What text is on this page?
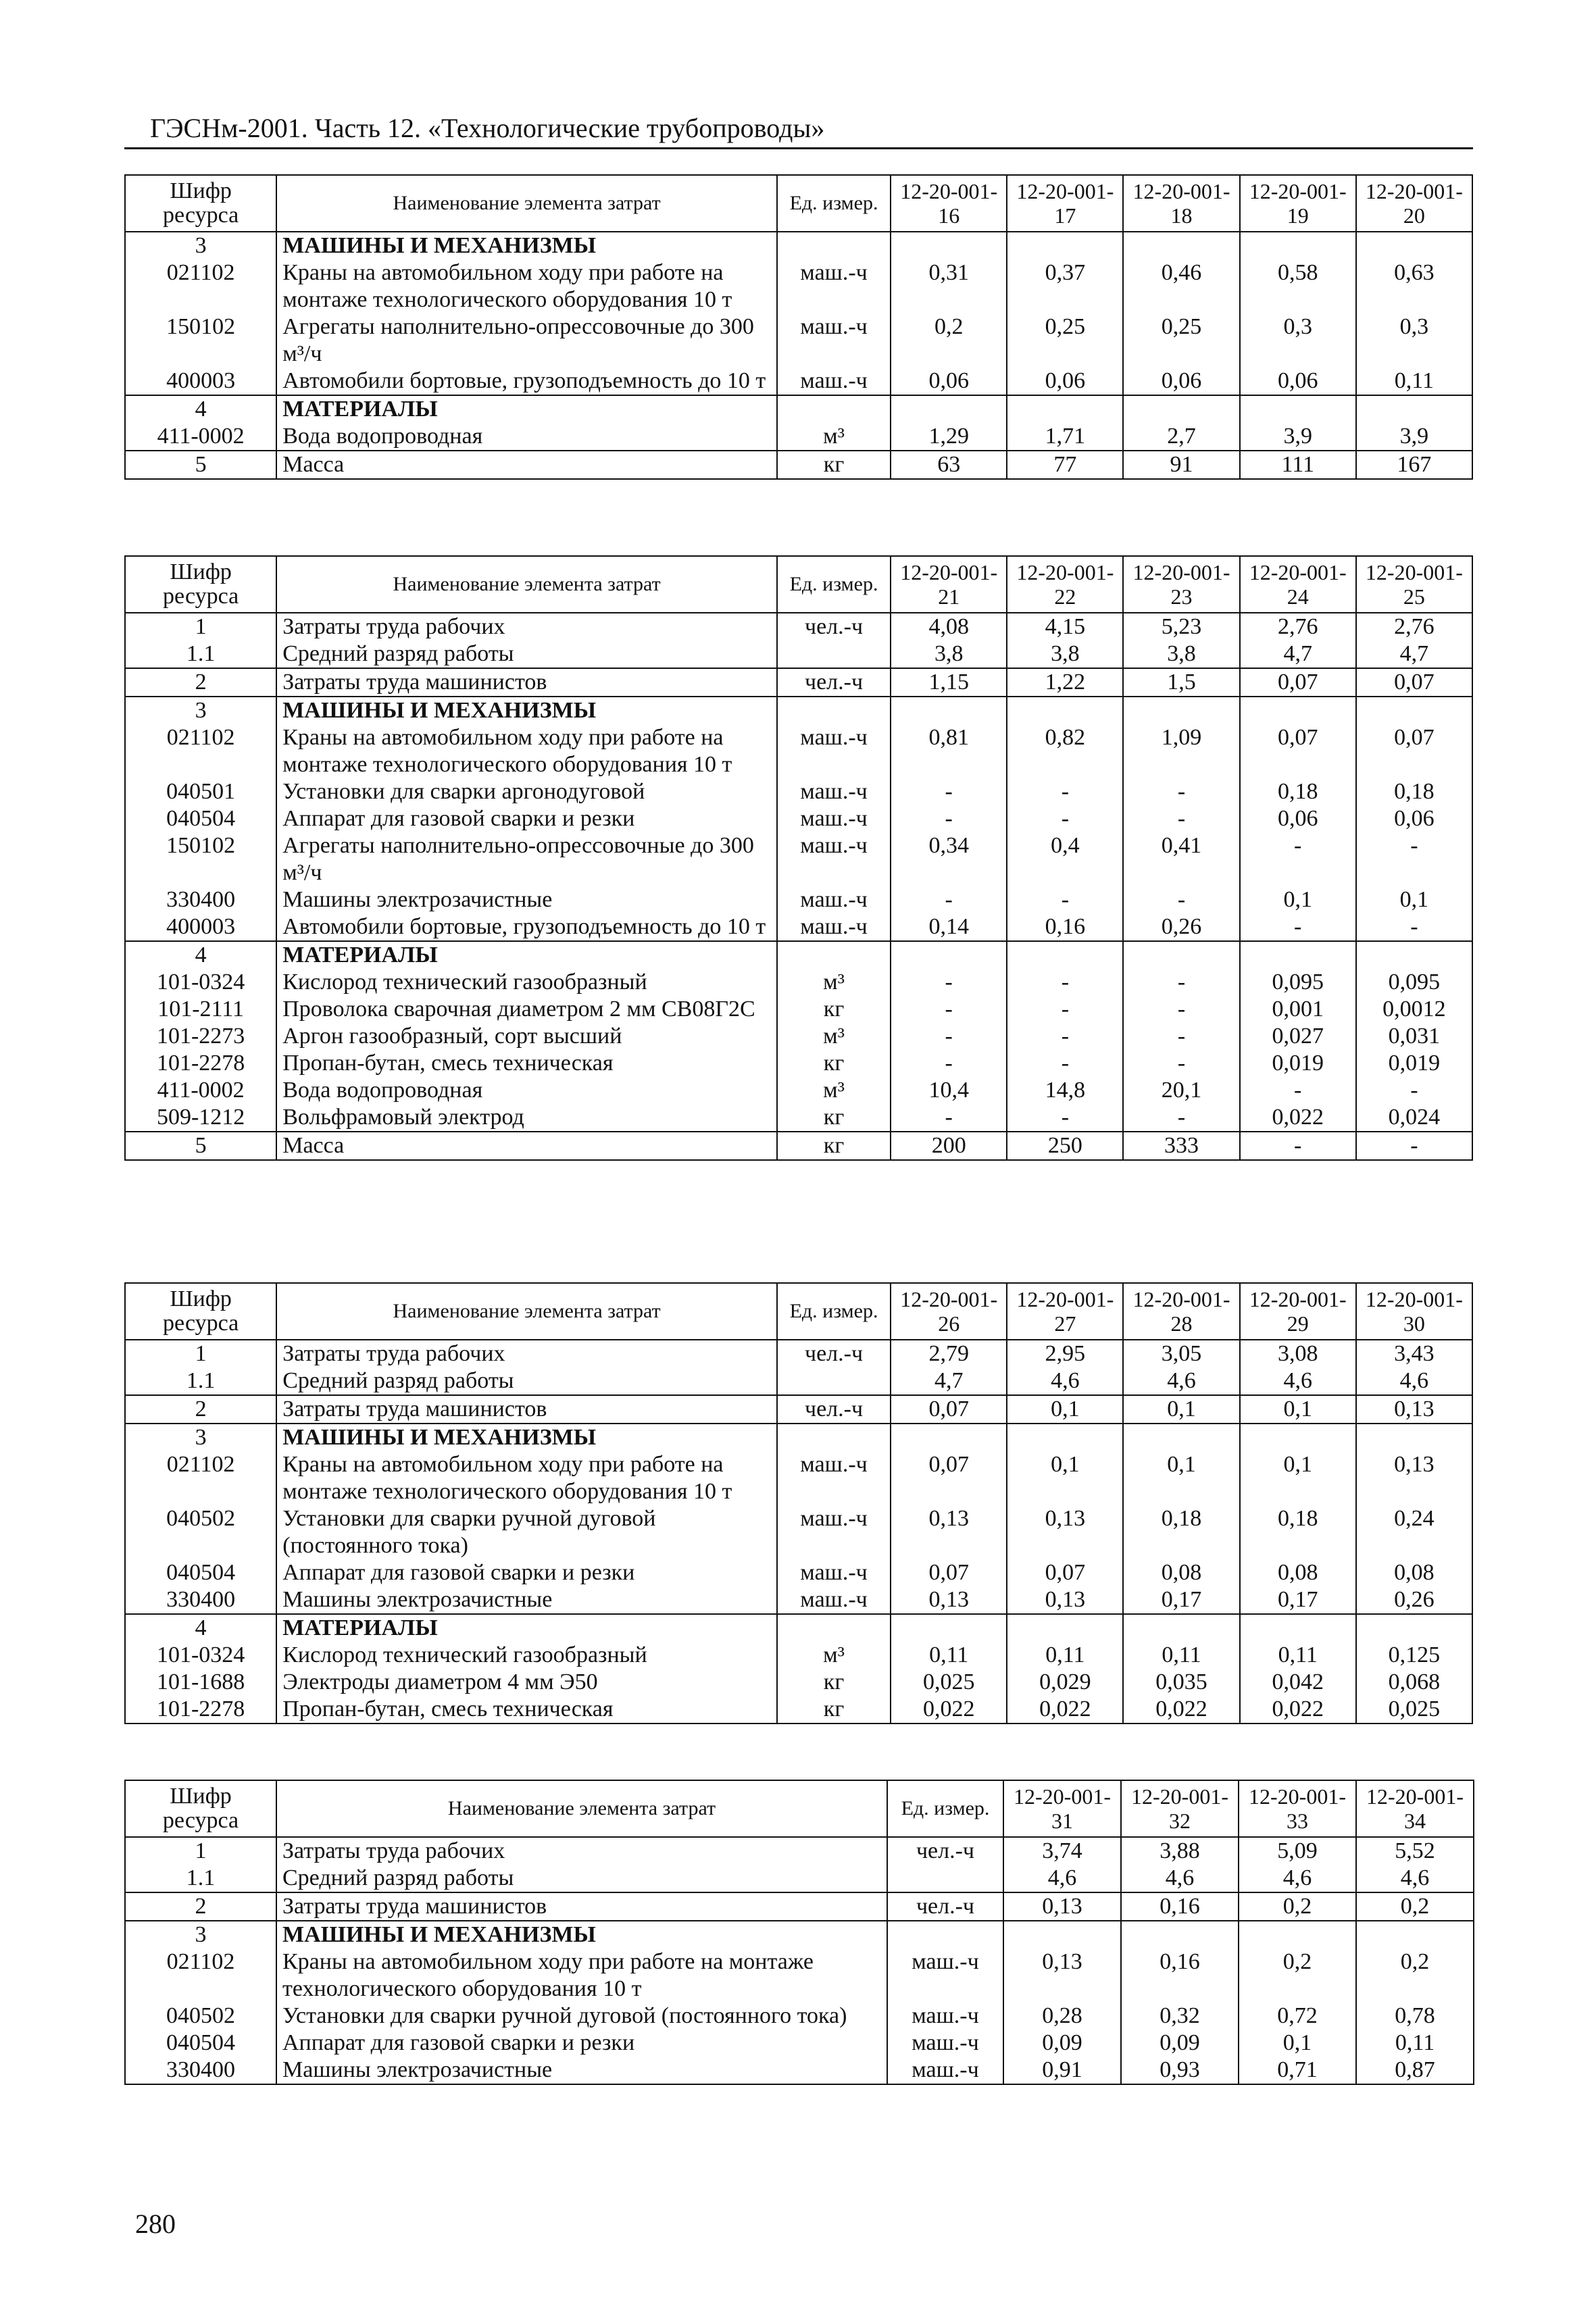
ГЭСНм-2001. Часть 12. «Технологические трубопроводы»
Шифр ресурса	Наименование элемента затрат	Ед. измер.	12-20-001-16	12-20-001-17	12-20-001-18	12-20-001-19	12-20-001-20
3	МАШИНЫ И МЕХАНИЗМЫ						
021102	Краны на автомобильном ходу при работе на монтаже технологического оборудования 10 т	маш.-ч	0,31	0,37	0,46	0,58	0,63
150102	Агрегаты наполнительно-опрессовочные до 300 м³/ч	маш.-ч	0,2	0,25	0,25	0,3	0,3
400003	Автомобили бортовые, грузоподъемность до 10 т	маш.-ч	0,06	0,06	0,06	0,06	0,11
4	МАТЕРИАЛЫ						
411-0002	Вода водопроводная	м³	1,29	1,71	2,7	3,9	3,9
5	Масса	кг	63	77	91	111	167
Шифр ресурса	Наименование элемента затрат	Ед. измер.	12-20-001-21	12-20-001-22	12-20-001-23	12-20-001-24	12-20-001-25
1	Затраты труда рабочих	чел.-ч	4,08	4,15	5,23	2,76	2,76
1.1	Средний разряд работы		3,8	3,8	3,8	4,7	4,7
2	Затраты труда машинистов	чел.-ч	1,15	1,22	1,5	0,07	0,07
3	МАШИНЫ И МЕХАНИЗМЫ						
021102	Краны на автомобильном ходу при работе на монтаже технологического оборудования 10 т	маш.-ч	0,81	0,82	1,09	0,07	0,07
040501	Установки для сварки аргонодуговой	маш.-ч	-	-	-	0,18	0,18
040504	Аппарат для газовой сварки и резки	маш.-ч	-	-	-	0,06	0,06
150102	Агрегаты наполнительно-опрессовочные до 300 м³/ч	маш.-ч	0,34	0,4	0,41	-	-
330400	Машины электрозачистные	маш.-ч	-	-	-	0,1	0,1
400003	Автомобили бортовые, грузоподъемность до 10 т	маш.-ч	0,14	0,16	0,26	-	-
4	МАТЕРИАЛЫ						
101-0324	Кислород технический газообразный	м³	-	-	-	0,095	0,095
101-2111	Проволока сварочная диаметром 2 мм СВ08Г2С	кг	-	-	-	0,001	0,0012
101-2273	Аргон газообразный, сорт высший	м³	-	-	-	0,027	0,031
101-2278	Пропан-бутан, смесь техническая	кг	-	-	-	0,019	0,019
411-0002	Вода водопроводная	м³	10,4	14,8	20,1	-	-
509-1212	Вольфрамовый электрод	кг	-	-	-	0,022	0,024
5	Масса	кг	200	250	333	-	-
Шифр ресурса	Наименование элемента затрат	Ед. измер.	12-20-001-26	12-20-001-27	12-20-001-28	12-20-001-29	12-20-001-30
1	Затраты труда рабочих	чел.-ч	2,79	2,95	3,05	3,08	3,43
1.1	Средний разряд работы		4,7	4,6	4,6	4,6	4,6
2	Затраты труда машинистов	чел.-ч	0,07	0,1	0,1	0,1	0,13
3	МАШИНЫ И МЕХАНИЗМЫ						
021102	Краны на автомобильном ходу при работе на монтаже технологического оборудования 10 т	маш.-ч	0,07	0,1	0,1	0,1	0,13
040502	Установки для сварки ручной дуговой (постоянного тока)	маш.-ч	0,13	0,13	0,18	0,18	0,24
040504	Аппарат для газовой сварки и резки	маш.-ч	0,07	0,07	0,08	0,08	0,08
330400	Машины электрозачистные	маш.-ч	0,13	0,13	0,17	0,17	0,26
4	МАТЕРИАЛЫ						
101-0324	Кислород технический газообразный	м³	0,11	0,11	0,11	0,11	0,125
101-1688	Электроды диаметром 4 мм Э50	кг	0,025	0,029	0,035	0,042	0,068
101-2278	Пропан-бутан, смесь техническая	кг	0,022	0,022	0,022	0,022	0,025
Шифр ресурса	Наименование элемента затрат	Ед. измер.	12-20-001-31	12-20-001-32	12-20-001-33	12-20-001-34
1	Затраты труда рабочих	чел.-ч	3,74	3,88	5,09	5,52
1.1	Средний разряд работы		4,6	4,6	4,6	4,6
2	Затраты труда машинистов	чел.-ч	0,13	0,16	0,2	0,2
3	МАШИНЫ И МЕХАНИЗМЫ					
021102	Краны на автомобильном ходу при работе на монтаже технологического оборудования 10 т	маш.-ч	0,13	0,16	0,2	0,2
040502	Установки для сварки ручной дуговой (постоянного тока)	маш.-ч	0,28	0,32	0,72	0,78
040504	Аппарат для газовой сварки и резки	маш.-ч	0,09	0,09	0,1	0,11
330400	Машины электрозачистные	маш.-ч	0,91	0,93	0,71	0,87
280
